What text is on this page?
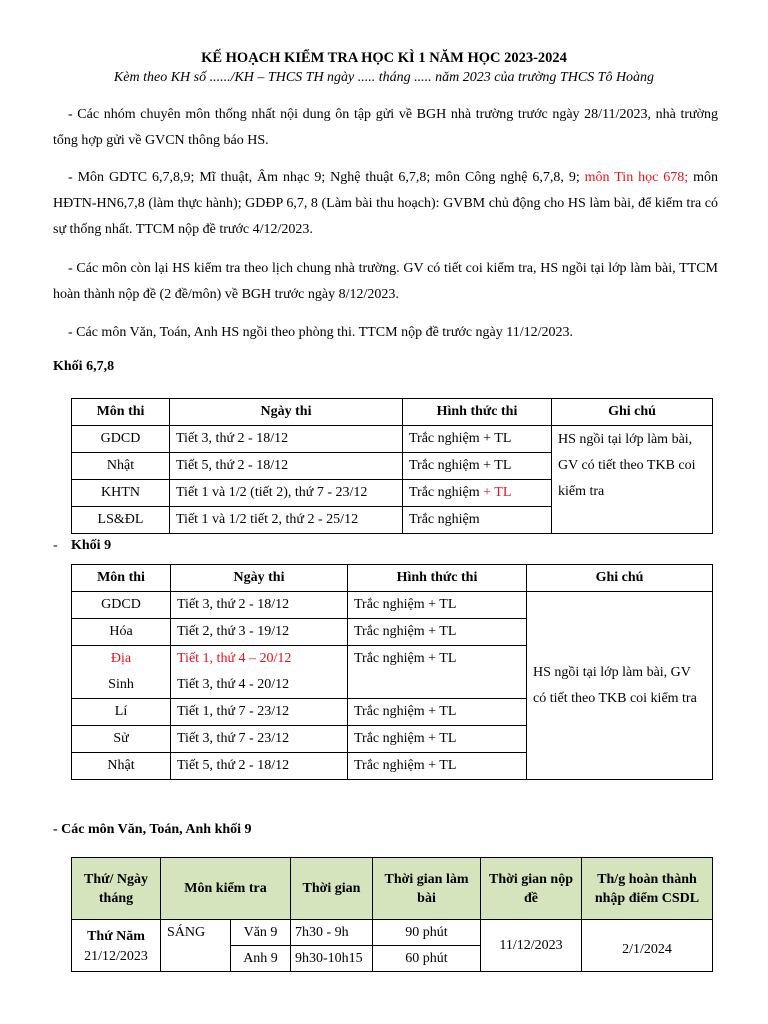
KẾ HOẠCH KIỂM TRA HỌC KÌ 1 NĂM HỌC 2023-2024
Kèm theo KH số ....../KH – THCS TH ngày ..... tháng ..... năm 2023 của trường THCS Tô Hoàng
- Các nhóm chuyên môn thống nhất nội dung ôn tập gửi về BGH nhà trường trước ngày 28/11/2023, nhà trường tổng hợp gửi về GVCN thông báo HS.
- Môn GDTC 6,7,8,9; Mĩ thuật, Âm nhạc 9; Nghệ thuật 6,7,8; môn Công nghệ 6,7,8, 9; môn Tin học 678; môn HĐTN-HN6,7,8 (làm thực hành); GDĐP 6,7, 8 (Làm bài thu hoạch): GVBM chủ động cho HS làm bài, để kiểm tra có sự thống nhất. TTCM nộp đề trước 4/12/2023.
- Các môn còn lại HS kiểm tra theo lịch chung nhà trường. GV có tiết coi kiểm tra, HS ngồi tại lớp làm bài, TTCM hoàn thành nộp đề (2 đề/môn) về BGH trước ngày 8/12/2023.
- Các môn Văn, Toán, Anh HS ngồi theo phòng thi. TTCM nộp đề trước ngày 11/12/2023.
Khối 6,7,8
Môn thi	Ngày thi	Hình thức thi	Ghi chú
GDCD	Tiết 3, thứ 2 - 18/12	Trắc nghiệm + TL	HS ngồi tại lớp làm bài, GV có tiết theo TKB coi kiểm tra
Nhật	Tiết 5, thứ 2 - 18/12	Trắc nghiệm + TL	
KHTN	Tiết 1 và 1/2 (tiết 2), thứ 7 - 23/12	Trắc nghiệm + TL	
LS&ĐL	Tiết 1 và 1/2 tiết 2, thứ 2 - 25/12	Trắc nghiệm	
- Khối 9
Môn thi	Ngày thi	Hình thức thi	Ghi chú
GDCD	Tiết 3, thứ 2 - 18/12	Trắc nghiệm + TL	HS ngồi tại lớp làm bài, GV có tiết theo TKB coi kiểm tra
Hóa	Tiết 2, thứ 3 - 19/12	Trắc nghiệm + TL	
Địa	Tiết 1, thứ 4 – 20/12	Trắc nghiệm + TL	
Sinh	Tiết 3, thứ 4 - 20/12		
Lí	Tiết 1, thứ 7 - 23/12	Trắc nghiệm + TL	
Sử	Tiết 3, thứ 7 - 23/12	Trắc nghiệm + TL	
Nhật	Tiết 5, thứ 2 - 18/12	Trắc nghiệm + TL	
- Các môn Văn, Toán, Anh khối 9
Thứ/ Ngày tháng	Môn kiểm tra		Thời gian	Thời gian làm bài	Thời gian nộp đề	Th/g hoàn thành nhập điểm CSDL

Thứ Năm
21/12/2023	SÁNG	Văn 9	7h30 - 9h	90 phút	11/12/2023	2/1/2024
		Anh 9	9h30-10h15	60 phút		
